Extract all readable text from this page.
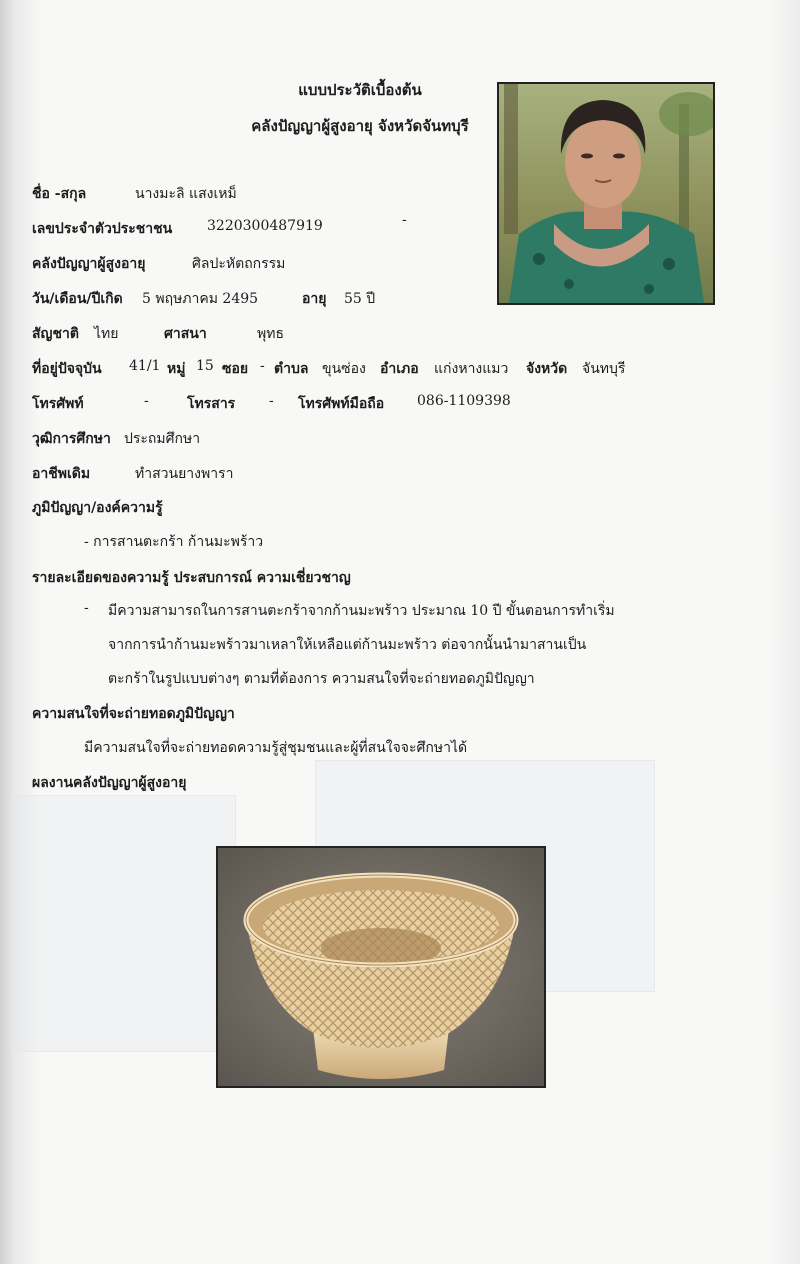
แบบประวัติเบื้องต้น
คลังปัญญาผู้สูงอายุ จังหวัดจันทบุรี
ชื่อ -สกุล	นางมะลิ แสงเหม็
เลขประจำตัวประชาชน 3220300487919	-
คลังปัญญาผู้สูงอายุ	ศิลปะหัตถกรรม
วัน/เดือน/ปีเกิด 5 พฤษภาคม 2495	อายุ 55 ปี
สัญชาติ ไทย	ศาสนา	พุทธ
ที่อยู่ปัจจุบัน 41/1 หมู่ 15 ซอย - ตำบล ขุนซ่อง อำเภอ แก่งหางแมว จังหวัด จันทบุรี
โทรศัพท์	-	โทรสาร - โทรศัพท์มือถือ 086-1109398
วุฒิการศึกษา ประถมศึกษา
อาชีพเดิม	ทำสวนยางพารา
ภูมิปัญญา/องค์ความรู้
- การสานตะกร้า ก้านมะพร้าว
รายละเอียดของความรู้ ประสบการณ์ ความเชี่ยวชาญ
- มีความสามารถในการสานตะกร้าจากก้านมะพร้าว ประมาณ 10 ปี ขั้นตอนการทำเริ่ม
จากการนำก้านมะพร้าวมาเหลาให้เหลือแต่ก้านมะพร้าว ต่อจากนั้นนำมาสานเป็น
ตะกร้าในรูปแบบต่างๆ ตามที่ต้องการ ความสนใจที่จะถ่ายทอดภูมิปัญญา
ความสนใจที่จะถ่ายทอดภูมิปัญญา
มีความสนใจที่จะถ่ายทอดความรู้สู่ชุมชนและผู้ที่สนใจจะศึกษาได้
ผลงานคลังปัญญาผู้สูงอายุ
